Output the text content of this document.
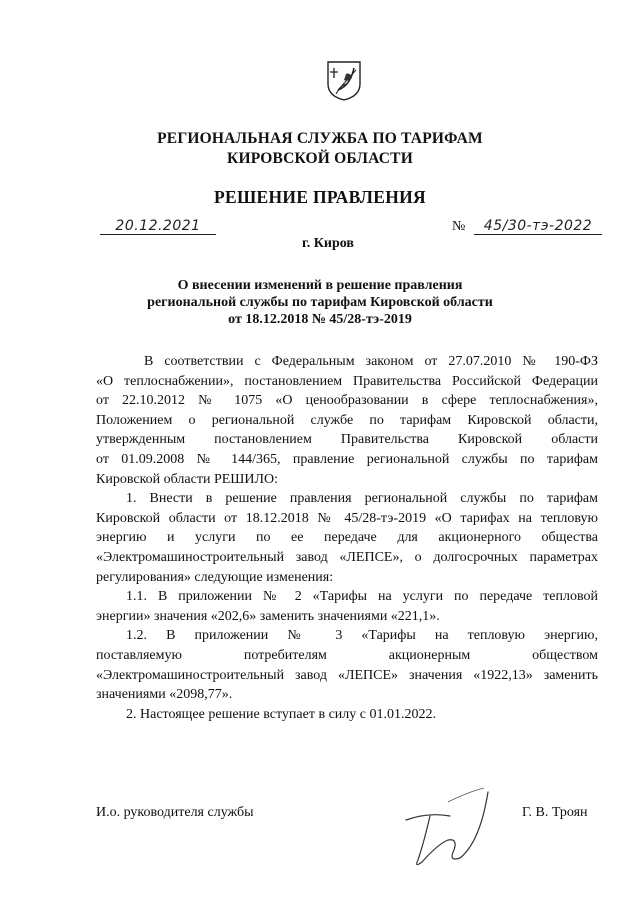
РЕГИОНАЛЬНАЯ СЛУЖБА ПО ТАРИФАМ
КИРОВСКОЙ ОБЛАСТИ
РЕШЕНИЕ ПРАВЛЕНИЯ
20.12.2021	№	45/30-тэ-2022
г. Киров
О внесении изменений в решение правления
региональной службы по тарифам Кировской области
от 18.12.2018 № 45/28-тэ-2019
В соответствии с Федеральным законом от 27.07.2010 № 190-ФЗ
«О теплоснабжении», постановлением Правительства Российской Федерации
от 22.10.2012 № 1075 «О ценообразовании в сфере теплоснабжения»,
Положением о региональной службе по тарифам Кировской области,
утвержденным постановлением Правительства Кировской области
от 01.09.2008 № 144/365, правление региональной службы по тарифам
Кировской области РЕШИЛО:
1. Внести в решение правления региональной службы по тарифам
Кировской области от 18.12.2018 № 45/28-тэ-2019 «О тарифах на тепловую
энергию и услуги по ее передаче для акционерного общества
«Электромашиностроительный завод «ЛЕПСЕ», о долгосрочных параметрах
регулирования» следующие изменения:
1.1. В приложении № 2 «Тарифы на услуги по передаче тепловой
энергии» значения «202,6» заменить значениями «221,1».
1.2. В приложении № 3 «Тарифы на тепловую энергию,
поставляемую потребителям акционерным обществом
«Электромашиностроительный завод «ЛЕПСЕ» значения «1922,13» заменить
значениями «2098,77».
2. Настоящее решение вступает в силу с 01.01.2022.
И.о. руководителя службы	Г. В. Троян
